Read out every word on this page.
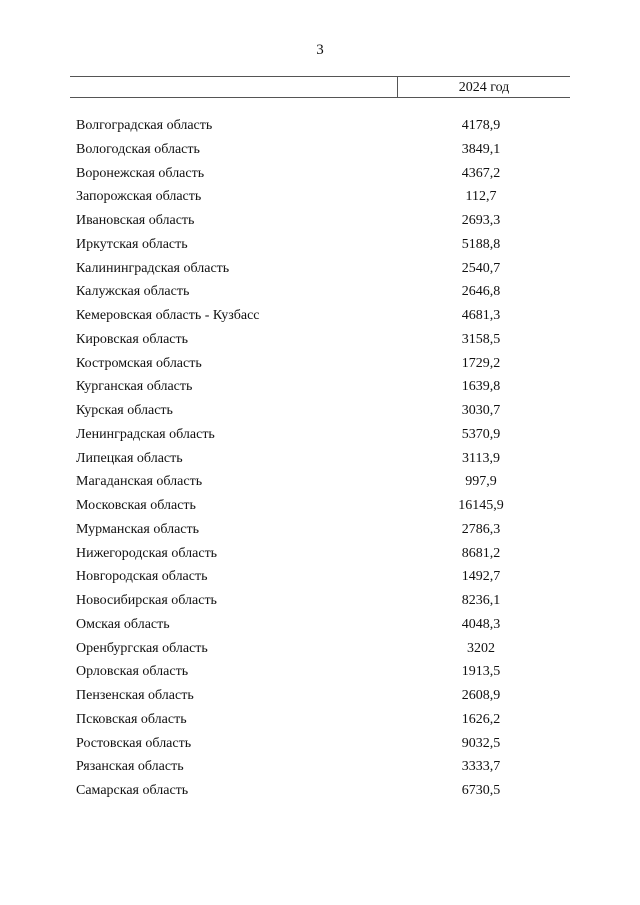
3
2024 год
Волгоградская область	4178,9
Вологодская область	3849,1
Воронежская область	4367,2
Запорожская область	112,7
Ивановская область	2693,3
Иркутская область	5188,8
Калининградская область	2540,7
Калужская область	2646,8
Кемеровская область - Кузбасс	4681,3
Кировская область	3158,5
Костромская область	1729,2
Курганская область	1639,8
Курская область	3030,7
Ленинградская область	5370,9
Липецкая область	3113,9
Магаданская область	997,9
Московская область	16145,9
Мурманская область	2786,3
Нижегородская область	8681,2
Новгородская область	1492,7
Новосибирская область	8236,1
Омская область	4048,3
Оренбургская область	3202
Орловская область	1913,5
Пензенская область	2608,9
Псковская область	1626,2
Ростовская область	9032,5
Рязанская область	3333,7
Самарская область	6730,5
